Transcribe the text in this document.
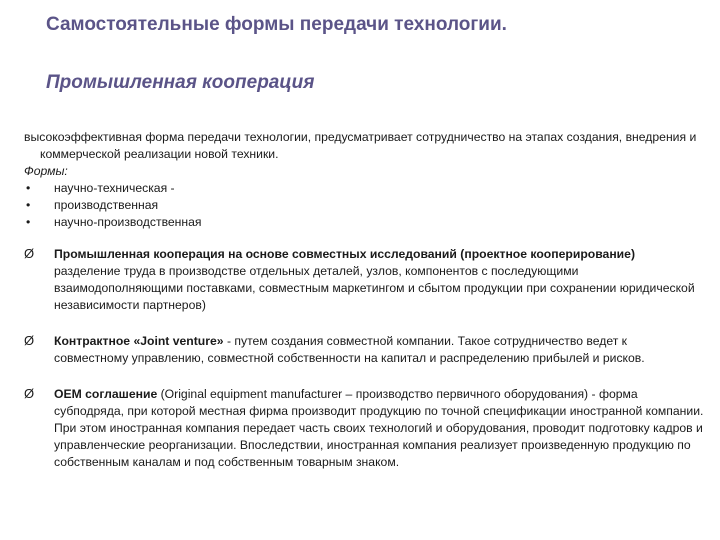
Самостоятельные формы передачи технологии.
Промышленная кооперация

высокоэффективная форма передачи технологии, предусматривает сотрудничество на этапах создания, внедрения и коммерческой реализации новой техники.

Формы:

• научно-техническая -
• производственная
• научно-производственная
Ø Промышленная кооперация на основе совместных исследований (проектное кооперирование) разделение труда в производстве отдельных деталей, узлов, компонентов с последующими взаимодополняющими поставками, совместным маркетингом и сбытом продукции при сохранении юридической независимости партнеров)
Ø Контрактное «Joint venture» - путем создания совместной компании. Такое сотрудничество ведет к совместному управлению, совместной собственности на капитал и распределению прибылей и рисков.
Ø OEM соглашение (Original equipment manufacturer – производство первичного оборудования) - форма субподряда, при которой местная фирма производит продукцию по точной спецификации иностранной компании. При этом иностранная компания передает часть своих технологий и оборудования, проводит подготовку кадров и управленческие реорганизации. Впоследствии, иностранная компания реализует произведенную продукцию по собственным каналам и под собственным товарным знаком.
